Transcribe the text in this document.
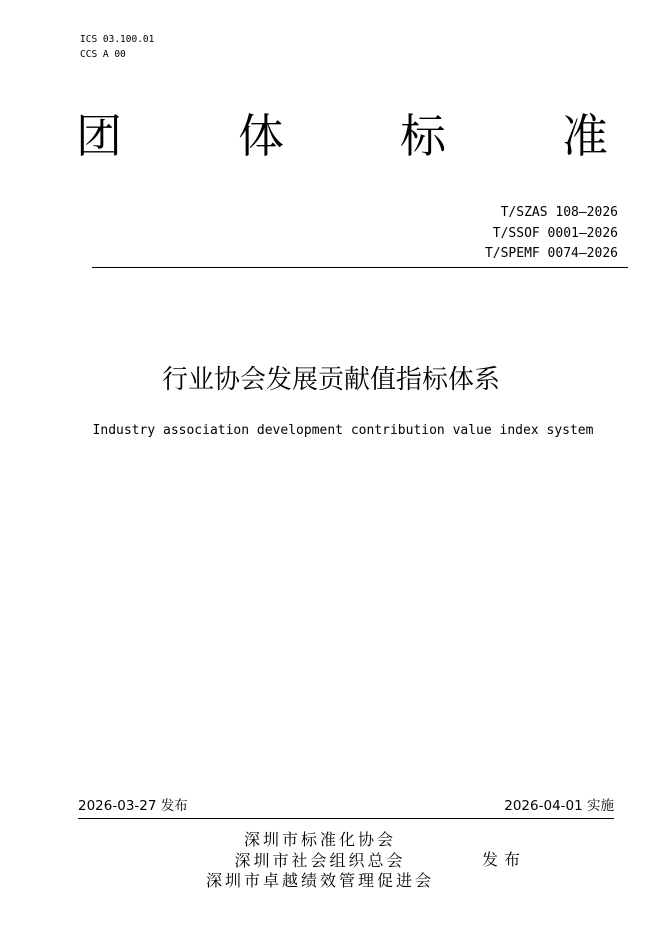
ICS 03.100.01
CCS A 00
团	体	标	准
T/SZAS 108—2026
T/SSOF 0001—2026
T/SPEMF 0074—2026
行业协会发展贡献值指标体系
Industry association development contribution value index system
2026-03-27 发布	2026-04-01 实施
深圳市标准化协会
深圳市社会组织总会
深圳市卓越绩效管理促进会
发布
